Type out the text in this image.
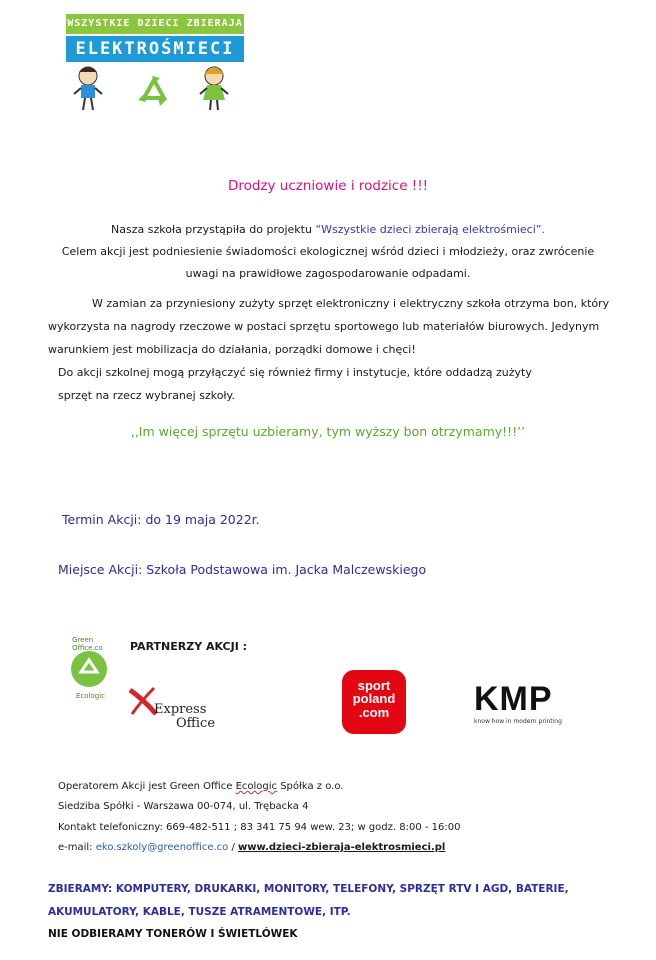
WSZYSTKIE DZIECI ZBIERAJA
ELEKTROŚMIECI
Drodzy uczniowie i rodzice !!!
Nasza szkoła przystąpiła do projektu “Wszystkie dzieci zbierają elektrośmieci”.
Celem akcji jest podniesienie świadomości ekologicznej wśród dzieci i młodzieży, oraz zwrócenie
uwagi na prawidłowe zagospodarowanie odpadami.
W zamian za przyniesiony zużyty sprzęt elektroniczny i elektryczny szkoła otrzyma bon, który
wykorzysta na nagrody rzeczowe w postaci sprzętu sportowego lub materiałów biurowych. Jedynym
warunkiem jest mobilizacja do działania, porządki domowe i chęci!
Do akcji szkolnej mogą przyłączyć się również firmy i instytucje, które oddadzą zużyty
sprzęt na rzecz wybranej szkoły.
,,Im więcej sprzętu uzbieramy, tym wyższy bon otrzymamy!!!’’
Termin Akcji: do 19 maja 2022r.
Miejsce Akcji: Szkoła Podstawowa im. Jacka Malczewskiego
PARTNERZY AKCJI :
Green Office.co
Ecologic
Express
Office
sport
poland
.com	KMP
know how in modern printing
Operatorem Akcji jest Green Office Ecologic Spółka z o.o.
Siedziba Spółki - Warszawa 00-074, ul. Trębacka 4
Kontakt telefoniczny: 669-482-511 ; 83 341 75 94 wew. 23; w godz. 8:00 - 16:00
e-mail: eko.szkoly@greenoffice.co / www.dzieci-zbieraja-elektrosmieci.pl
ZBIERAMY: KOMPUTERY, DRUKARKI, MONITORY, TELEFONY, SPRZĘT RTV I AGD, BATERIE,
AKUMULATORY, KABLE, TUSZE ATRAMENTOWE, ITP.
NIE ODBIERAMY TONERÓW I ŚWIETLÓWEK
